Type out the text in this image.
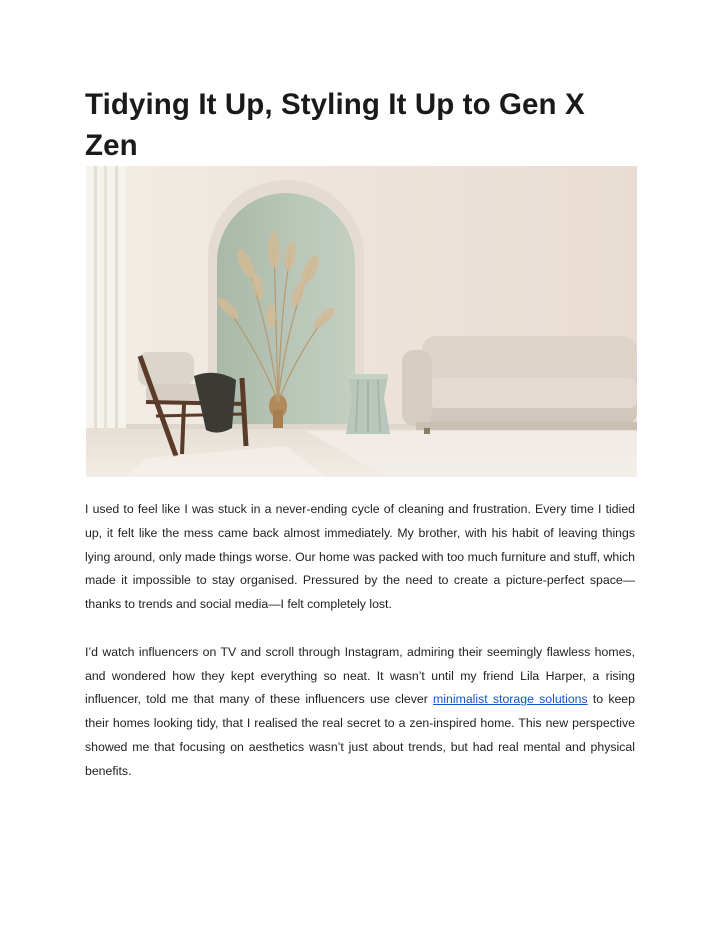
Tidying It Up, Styling It Up to Gen X Zen

I used to feel like I was stuck in a never-ending cycle of cleaning and frustration. Every time I tidied up, it felt like the mess came back almost immediately. My brother, with his habit of leaving things lying around, only made things worse. Our home was packed with too much furniture and stuff, which made it impossible to stay organised. Pressured by the need to create a picture-perfect space—thanks to trends and social media—I felt completely lost.

I’d watch influencers on TV and scroll through Instagram, admiring their seemingly flawless homes, and wondered how they kept everything so neat. It wasn’t until my friend Lila Harper, a rising influencer, told me that many of these influencers use clever minimalist storage solutions to keep their homes looking tidy, that I realised the real secret to a zen-inspired home. This new perspective showed me that focusing on aesthetics wasn’t just about trends, but had real mental and physical benefits.
